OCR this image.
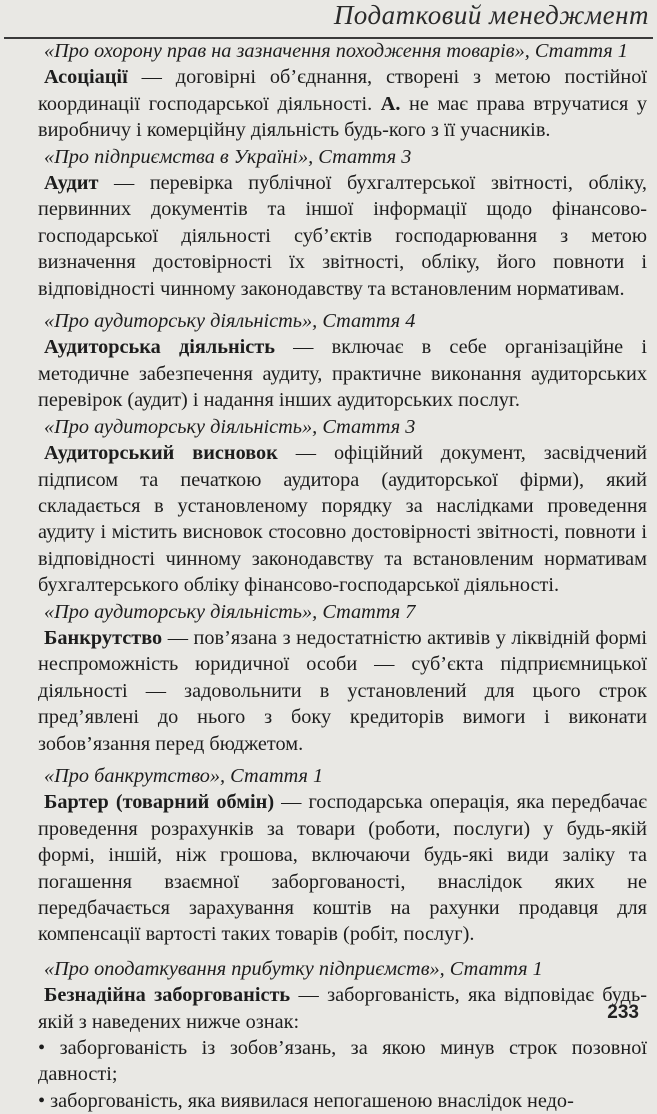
Податковий менеджмент

«Про охорону прав на зазначення походження товарів», Стаття 1

Асоціації — договірні об’єднання, створені з метою постійної координації господарської діяльності. А. не має права втручатися у виробничу і комерційну діяльність будь-кого з її учасників.

«Про підприємства в Україні», Стаття 3

Аудит — перевірка публічної бухгалтерської звітності, обліку, первинних документів та іншої інформації щодо фінансово-господарської діяльності суб’єктів господарювання з метою визначення достовірності їх звітності, обліку, його повноти і відповідності чинному законодавству та встановленим нормативам.

«Про аудиторську діяльність», Стаття 4

Аудиторська діяльність — включає в себе організаційне і методичне забезпечення аудиту, практичне виконання аудиторських перевірок (аудит) і надання інших аудиторських послуг.

«Про аудиторську діяльність», Стаття 3

Аудиторський висновок — офіційний документ, засвідчений підписом та печаткою аудитора (аудиторської фірми), який складається в установленому порядку за наслідками проведення аудиту і містить висновок стосовно достовірності звітності, повноти і відповідності чинному законодавству та встановленим нормативам бухгалтерського обліку фінансово-господарської діяльності.

«Про аудиторську діяльність», Стаття 7

Банкрутство — пов’язана з недостатністю активів у ліквідній формі неспроможність юридичної особи — суб’єкта підприємницької діяльності — задовольнити в установлений для цього строк пред’явлені до нього з боку кредиторів вимоги і виконати зобов’язання перед бюджетом.

«Про банкрутство», Стаття 1

Бартер (товарний обмін) — господарська операція, яка передбачає проведення розрахунків за товари (роботи, послуги) у будь-якій формі, іншій, ніж грошова, включаючи будь-які види заліку та погашення взаємної заборгованості, внаслідок яких не передбачається зарахування коштів на рахунки продавця для компенсації вартості таких товарів (робіт, послуг).

«Про оподаткування прибутку підприємств», Стаття 1

Безнадійна заборгованість — заборгованість, яка відповідає будь-якій з наведених нижче ознак:

• заборгованість із зобов’язань, за якою минув строк позовної давності;

• заборгованість, яка виявилася непогашеною внаслідок недо-

233
